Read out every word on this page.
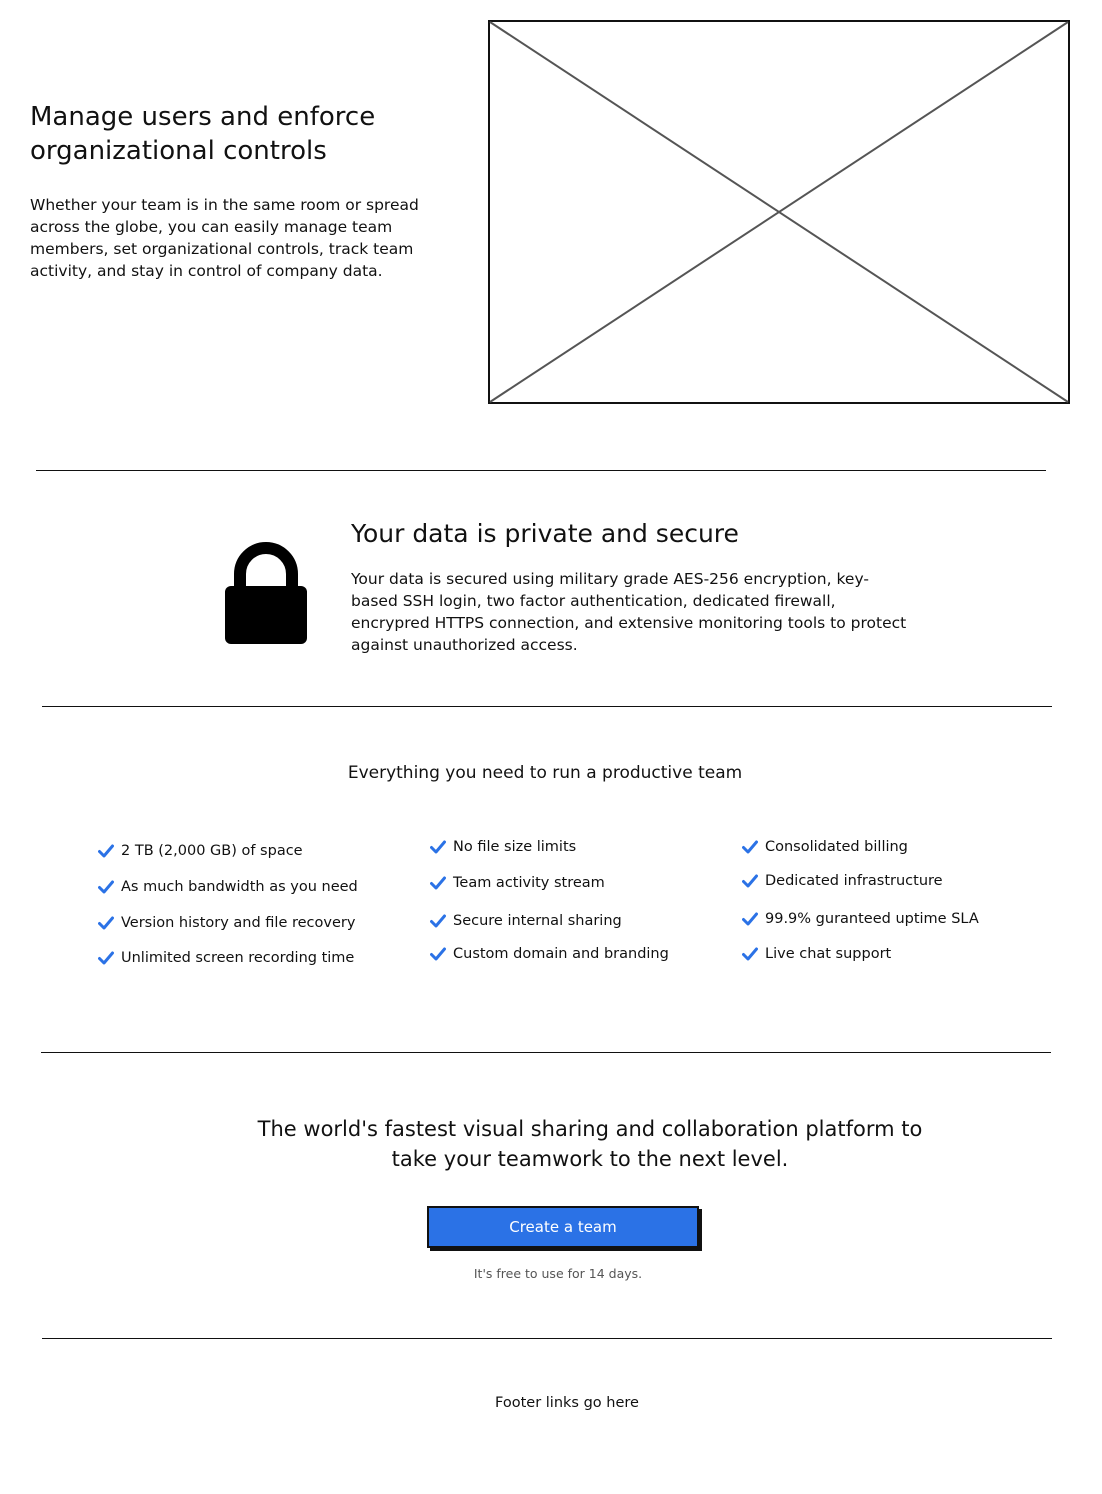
Manage users and enforce organizational controls

Whether your team is in the same room or spread across the globe, you can easily manage team members, set organizational controls, track team activity, and stay in control of company data.

Your data is private and secure

Your data is secured using military grade AES-256 encryption, key-based SSH login, two factor authentication, dedicated firewall, encrypred HTTPS connection, and extensive monitoring tools to protect against unauthorized access.

Everything you need to run a productive team
2 TB (2,000 GB) of space
As much bandwidth as you need
Version history and file recovery
Unlimited screen recording time
No file size limits
Team activity stream
Secure internal sharing
Custom domain and branding
Consolidated billing
Dedicated infrastructure
99.9% guranteed uptime SLA
Live chat support

The world's fastest visual sharing and collaboration platform to take your teamwork to the next level.

Create a team

It's free to use for 14 days.

Footer links go here
